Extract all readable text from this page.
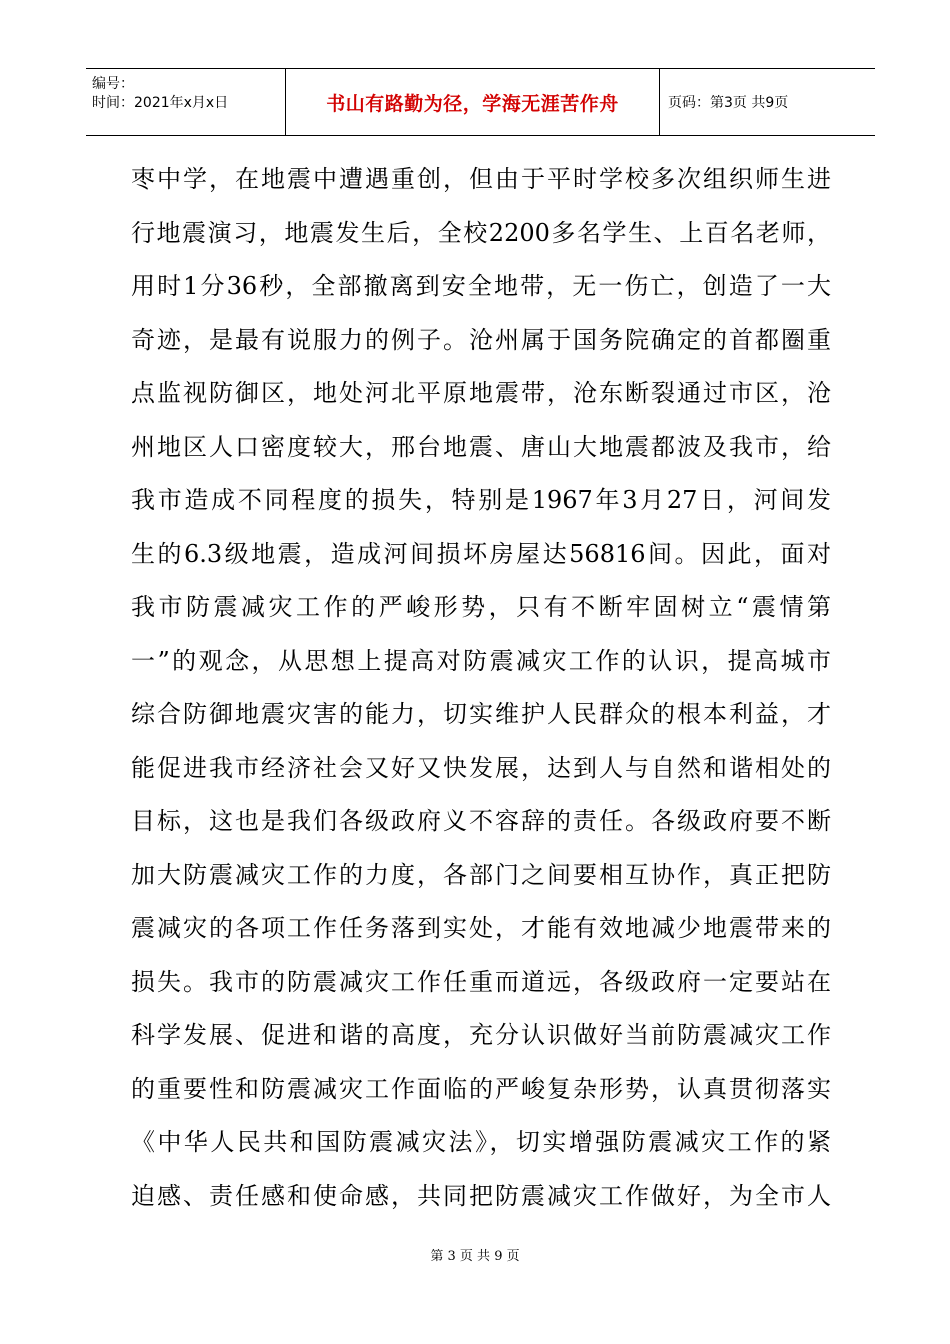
编号：
时间：2021年x月x日	书山有路勤为径，学海无涯苦作舟	页码：第3页 共9页
枣中学，在地震中遭遇重创，但由于平时学校多次组织师生进
行地震演习，地震发生后，全校2200多名学生、上百名老师，
用时1分36秒，全部撤离到安全地带，无一伤亡，创造了一大
奇迹，是最有说服力的例子。沧州属于国务院确定的首都圈重
点监视防御区，地处河北平原地震带，沧东断裂通过市区，沧
州地区人口密度较大，邢台地震、唐山大地震都波及我市，给
我市造成不同程度的损失，特别是1967年3月27日，河间发
生的6.3级地震，造成河间损坏房屋达56816间。因此，面对
我市防震减灾工作的严峻形势，只有不断牢固树立“震情第
一”的观念，从思想上提高对防震减灾工作的认识，提高城市
综合防御地震灾害的能力，切实维护人民群众的根本利益，才
能促进我市经济社会又好又快发展，达到人与自然和谐相处的
目标，这也是我们各级政府义不容辞的责任。各级政府要不断
加大防震减灾工作的力度，各部门之间要相互协作，真正把防
震减灾的各项工作任务落到实处，才能有效地减少地震带来的
损失。我市的防震减灾工作任重而道远，各级政府一定要站在
科学发展、促进和谐的高度，充分认识做好当前防震减灾工作
的重要性和防震减灾工作面临的严峻复杂形势，认真贯彻落实
《中华人民共和国防震减灾法》，切实增强防震减灾工作的紧
迫感、责任感和使命感，共同把防震减灾工作做好，为全市人
第 3 页 共 9 页
